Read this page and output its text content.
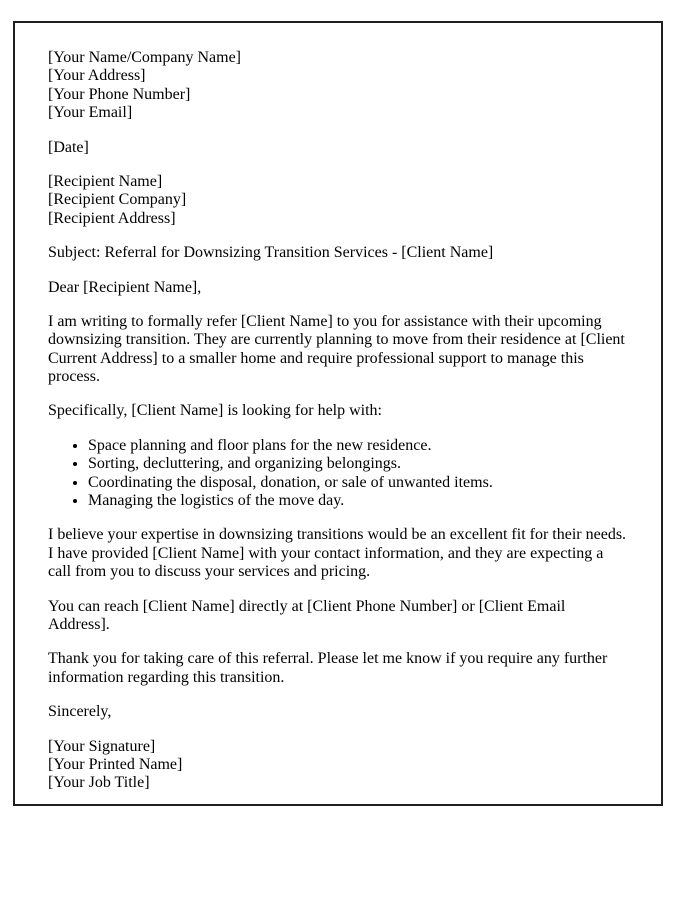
[Your Name/Company Name]
[Your Address]
[Your Phone Number]
[Your Email]

[Date]

[Recipient Name]
[Recipient Company]
[Recipient Address]

Subject: Referral for Downsizing Transition Services - [Client Name]

Dear [Recipient Name],

I am writing to formally refer [Client Name] to you for assistance with their upcoming downsizing transition. They are currently planning to move from their residence at [Client Current Address] to a smaller home and require professional support to manage this process.

Specifically, [Client Name] is looking for help with:

• Space planning and floor plans for the new residence.
• Sorting, decluttering, and organizing belongings.
• Coordinating the disposal, donation, or sale of unwanted items.
• Managing the logistics of the move day.

I believe your expertise in downsizing transitions would be an excellent fit for their needs. I have provided [Client Name] with your contact information, and they are expecting a call from you to discuss your services and pricing.

You can reach [Client Name] directly at [Client Phone Number] or [Client Email Address].

Thank you for taking care of this referral. Please let me know if you require any further information regarding this transition.

Sincerely,

[Your Signature]
[Your Printed Name]
[Your Job Title]
